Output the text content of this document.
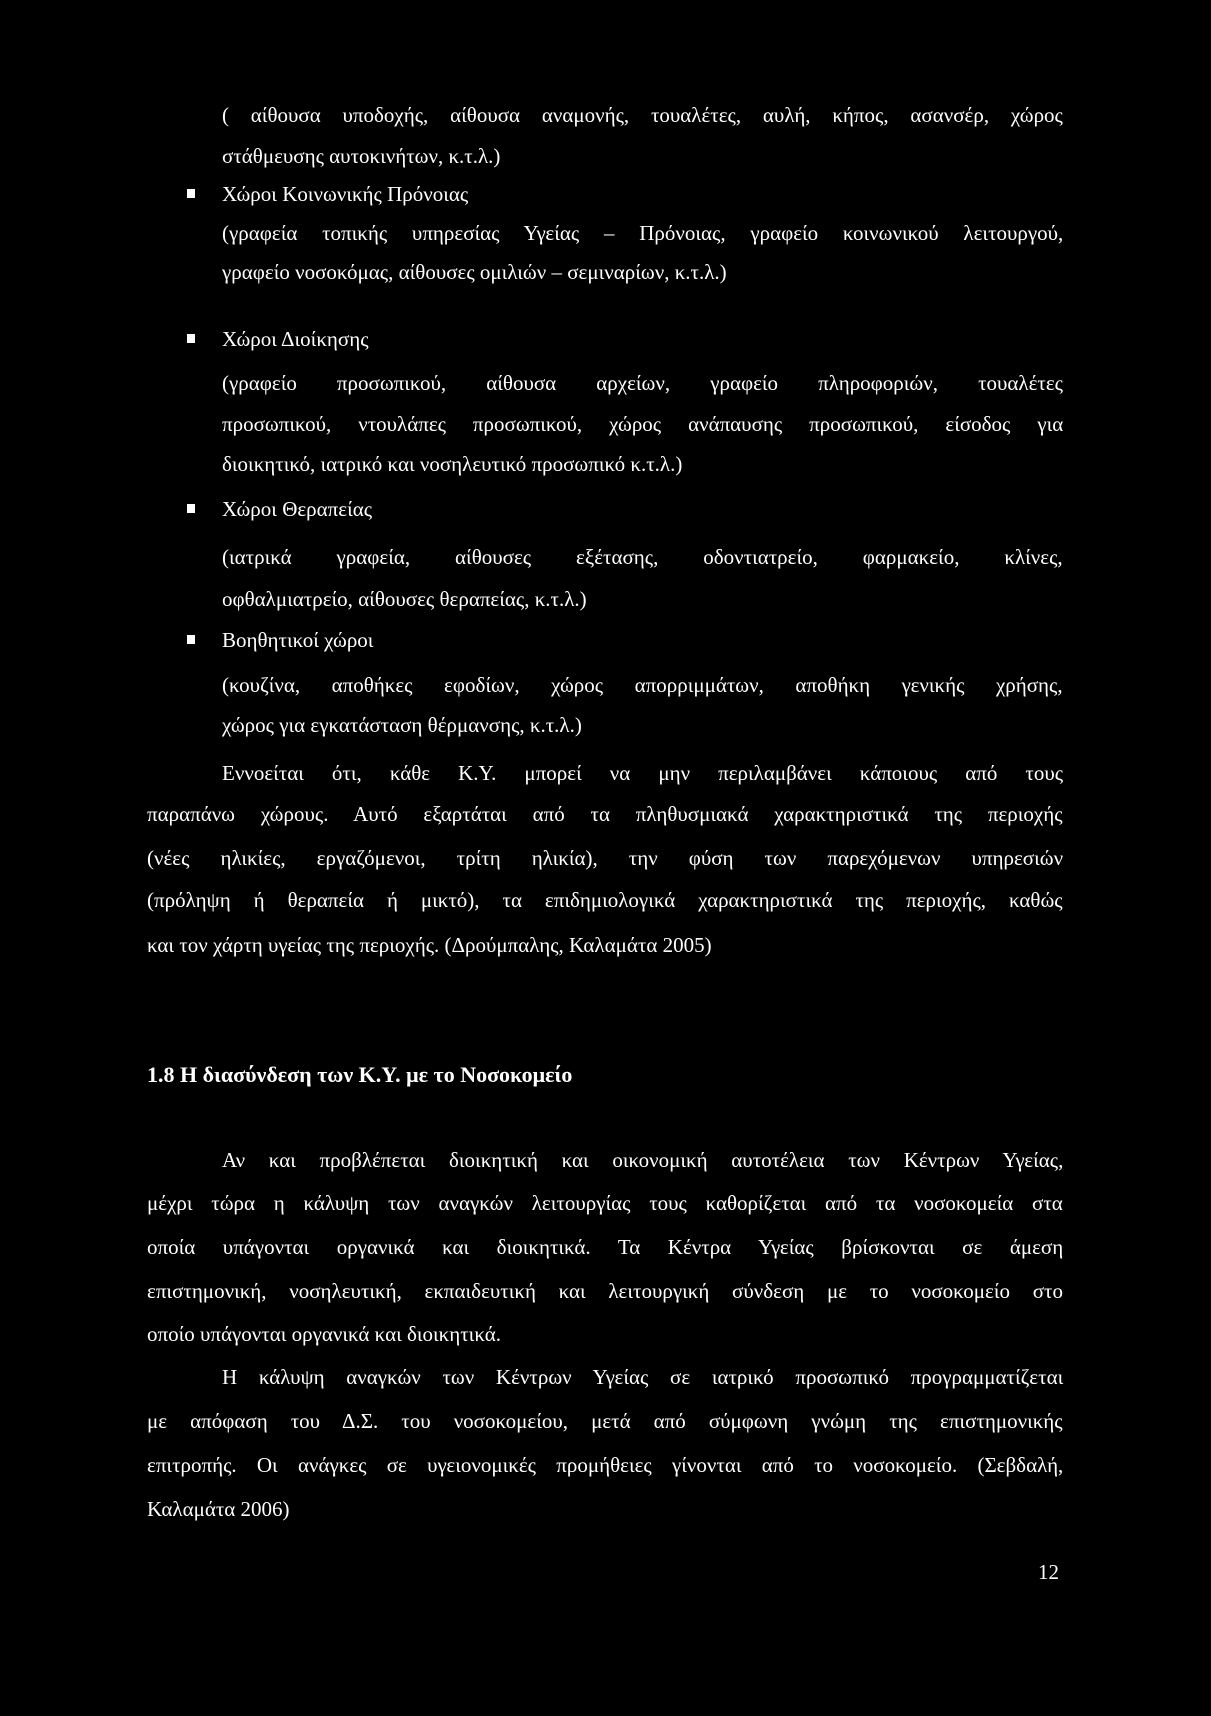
( αίθουσα υποδοχής, αίθουσα αναμονής, τουαλέτες, αυλή, κήπος, ασανσέρ, χώρος
στάθμευσης αυτοκινήτων, κ.τ.λ.)
Χώροι Κοινωνικής Πρόνοιας
(γραφεία τοπικής υπηρεσίας Υγείας – Πρόνοιας, γραφείο κοινωνικού λειτουργού,
γραφείο νοσοκόμας, αίθουσες ομιλιών – σεμιναρίων, κ.τ.λ.)
Χώροι Διοίκησης
(γραφείο προσωπικού, αίθουσα αρχείων, γραφείο πληροφοριών, τουαλέτες
προσωπικού, ντουλάπες προσωπικού, χώρος ανάπαυσης προσωπικού, είσοδος για
διοικητικό, ιατρικό και νοσηλευτικό προσωπικό κ.τ.λ.)
Χώροι Θεραπείας
(ιατρικά γραφεία, αίθουσες εξέτασης, οδοντιατρείο, φαρμακείο, κλίνες,
οφθαλμιατρείο, αίθουσες θεραπείας, κ.τ.λ.)
Βοηθητικοί χώροι
(κουζίνα, αποθήκες εφοδίων, χώρος απορριμμάτων, αποθήκη γενικής χρήσης,
χώρος για εγκατάσταση θέρμανσης, κ.τ.λ.)
Εννοείται ότι, κάθε Κ.Υ. μπορεί να μην περιλαμβάνει κάποιους από τους
παραπάνω χώρους. Αυτό εξαρτάται από τα πληθυσμιακά χαρακτηριστικά της περιοχής
(νέες ηλικίες, εργαζόμενοι, τρίτη ηλικία), την φύση των παρεχόμενων υπηρεσιών
(πρόληψη ή θεραπεία ή μικτό), τα επιδημιολογικά χαρακτηριστικά της περιοχής, καθώς
και τον χάρτη υγείας της περιοχής. (Δρούμπαλης, Καλαμάτα 2005)
1.8 Η διασύνδεση των Κ.Υ. με το Νοσοκομείο
Αν και προβλέπεται διοικητική και οικονομική αυτοτέλεια των Κέντρων Υγείας,
μέχρι τώρα η κάλυψη των αναγκών λειτουργίας τους καθορίζεται από τα νοσοκομεία στα
οποία υπάγονται οργανικά και διοικητικά. Τα Κέντρα Υγείας βρίσκονται σε άμεση
επιστημονική, νοσηλευτική, εκπαιδευτική και λειτουργική σύνδεση με το νοσοκομείο στο
οποίο υπάγονται οργανικά και διοικητικά.
Η κάλυψη αναγκών των Κέντρων Υγείας σε ιατρικό προσωπικό προγραμματίζεται
με απόφαση του Δ.Σ. του νοσοκομείου, μετά από σύμφωνη γνώμη της επιστημονικής
επιτροπής. Οι ανάγκες σε υγειονομικές προμήθειες γίνονται από το νοσοκομείο. (Σεβδαλή,
Καλαμάτα 2006)
12
